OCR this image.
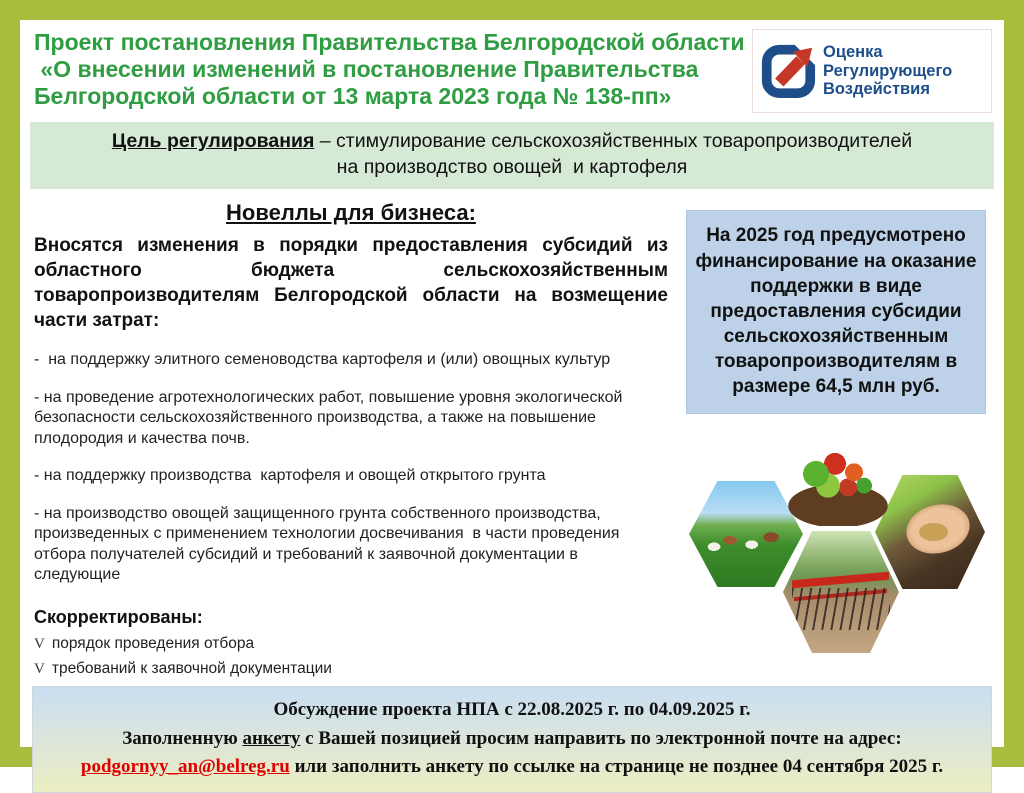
Проект постановления Правительства Белгородской области
«О внесении изменений в постановление Правительства
Белгородской области от 13 марта 2023 года № 138-пп»
Оценка
Регулирующего
Воздействия
Цель регулирования – стимулирование сельскохозяйственных товаропроизводителей
на производство овощей  и картофеля
Новеллы для бизнеса:
Вносятся изменения в порядки предоставления субсидий из областного бюджета сельскохозяйственным товаропроизводителям Белгородской области на возмещение части затрат:
-  на поддержку элитного семеноводства картофеля и (или) овощных культур
- на проведение агротехнологических работ, повышение уровня экологической безопасности сельскохозяйственного производства, а также на повышение плодородия и качества почв.
- на поддержку производства  картофеля и овощей открытого грунта
- на производство овощей защищенного грунта собственного производства, произведенных с применением технологии досвечивания  в части проведения отбора получателей субсидий и требований к заявочной документации в следующие
Скорректированы:
V порядок проведения отбора
V требований к заявочной документации
На 2025 год предусмотрено финансирование на оказание поддержки в виде предоставления субсидии сельскохозяйственным товаропроизводителям в размере 64,5 млн руб.
Обсуждение проекта НПА с 22.08.2025 г. по 04.09.2025 г.
Заполненную анкету с Вашей позицией просим направить по электронной почте на адрес:
podgornyy_an@belreg.ru или заполнить анкету по ссылке на странице не позднее 04 сентября 2025 г.
